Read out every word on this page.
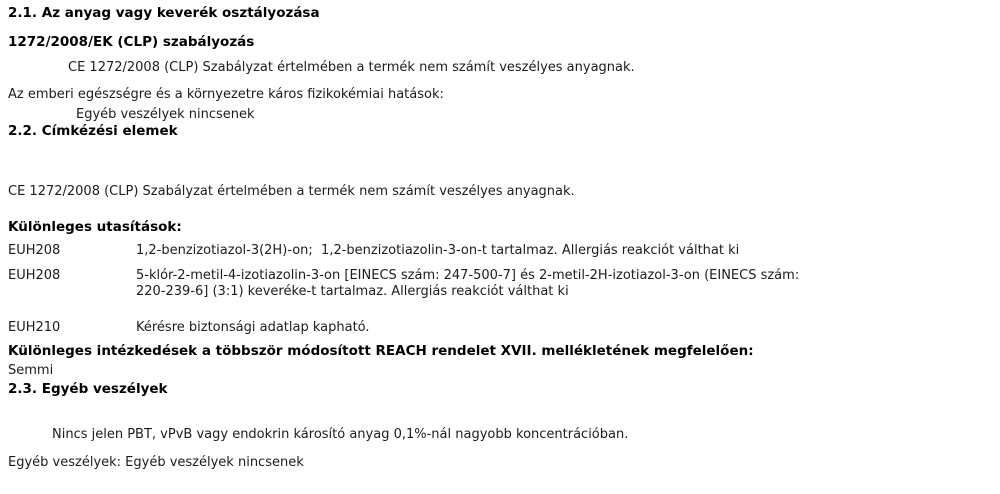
2.1. Az anyag vagy keverék osztályozása
1272/2008/EK (CLP) szabályozás
CE 1272/2008 (CLP) Szabályzat értelmében a termék nem számít veszélyes anyagnak.
Az emberi egészségre és a környezetre káros fizikokémiai hatások:
Egyéb veszélyek nincsenek
2.2. Címkézési elemek
CE 1272/2008 (CLP) Szabályzat értelmében a termék nem számít veszélyes anyagnak.
Különleges utasítások:
EUH208	1,2-benzizotiazol-3(2H)-on;  1,2-benzizotiazolin-3-on-t tartalmaz. Allergiás reakciót válthat ki
EUH208	5-klór-2-metil-4-izotiazolin-3-on [EINECS szám: 247-500-7] és 2-metil-2H-izotiazol-3-on (EINECS szám:
220-239-6] (3:1) keveréke-t tartalmaz. Allergiás reakciót válthat ki
EUH210	Kérésre biztonsági adatlap kapható.
Különleges intézkedések a többször módosított REACH rendelet XVII. mellékletének megfelelően:
Semmi
2.3. Egyéb veszélyek
Nincs jelen PBT, vPvB vagy endokrin károsító anyag 0,1%-nál nagyobb koncentrációban.
Egyéb veszélyek: Egyéb veszélyek nincsenek
